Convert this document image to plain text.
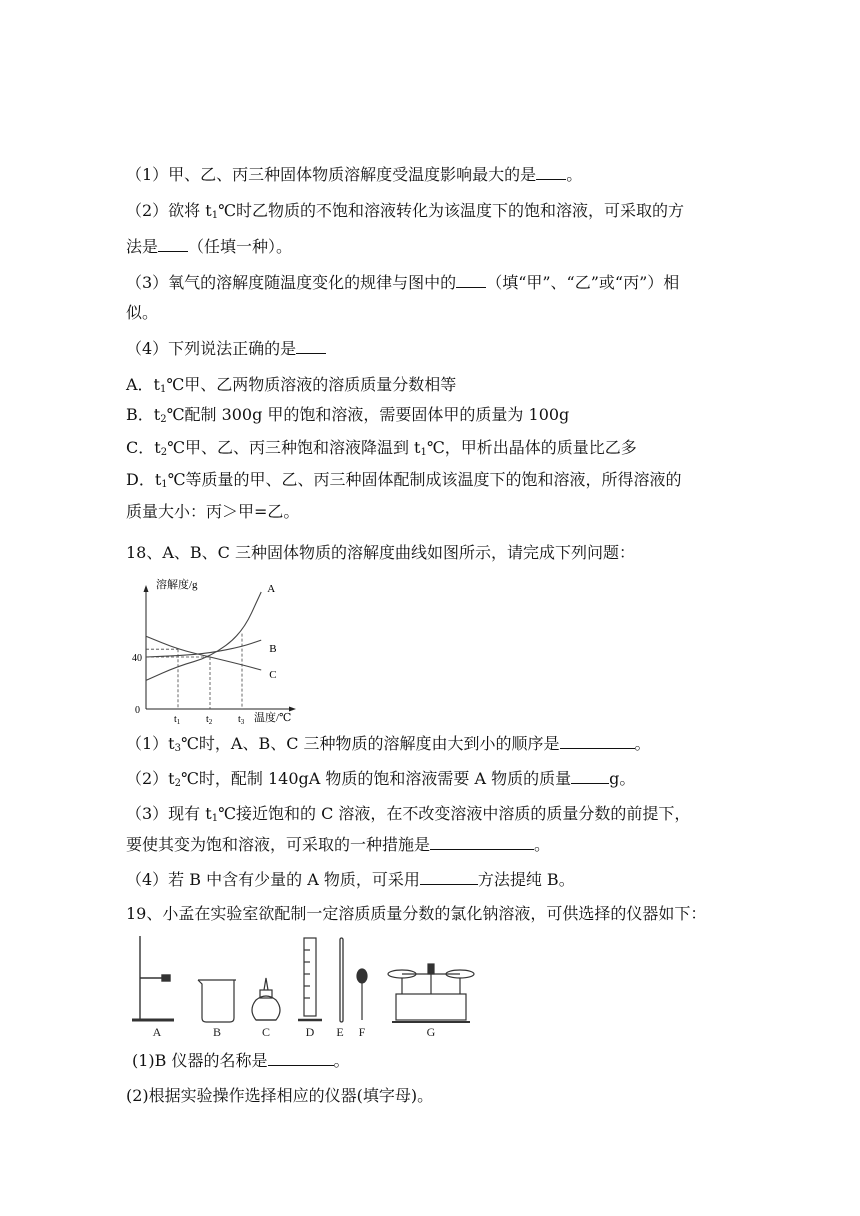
（1）甲、乙、丙三种固体物质溶解度受温度影响最大的是 。
（2）欲将 $t_1℃$时乙物质的不饱和溶液转化为该温度下的饱和溶液，可采取的方
法是 （任填一种）。
（3）氧气的溶解度随温度变化的规律与图中的 （填“甲”、“乙”或“丙”）相
似。
（4）下列说法正确的是
A．$t_1℃$甲、乙两物质溶液的溶质质量分数相等
B．$t_2℃$配制 300g 甲的饱和溶液，需要固体甲的质量为 100g
C．$t_2℃$甲、乙、丙三种饱和溶液降温到 $t_1℃$，甲析出晶体的质量比乙多
D．$t_1℃$等质量的甲、乙、丙三种固体配制成该温度下的饱和溶液，所得溶液的
质量大小：丙＞甲=乙。
18、A、B、C 三种固体物质的溶解度曲线如图所示，请完成下列问题：
溶解度/g
温度/℃
0
A
B
C
40
$t_1$	$t_2$	$t_3$
$(1)t_3℃$时，A、B、C 三种物质的溶解度由大到小的顺序是	。
$(2)t_2℃$时，配制 140gA 物质的饱和溶液需要 A 物质的质量 g。
（3）现有 $t_1℃$接近饱和的 C 溶液，在不改变溶液中溶质的质量分数的前提下，
要使其变为饱和溶液，可采取的一种措施是	。
（4）若 B 中含有少量的 A 物质，可采用	方法提纯 B。
19、小孟在实验室欲配制一定溶质质量分数的氯化钠溶液，可供选择的仪器如下：
A	B	C	D E F	G
(1)B 仪器的名称是	。
(2)根据实验操作选择相应的仪器(填字母)。
